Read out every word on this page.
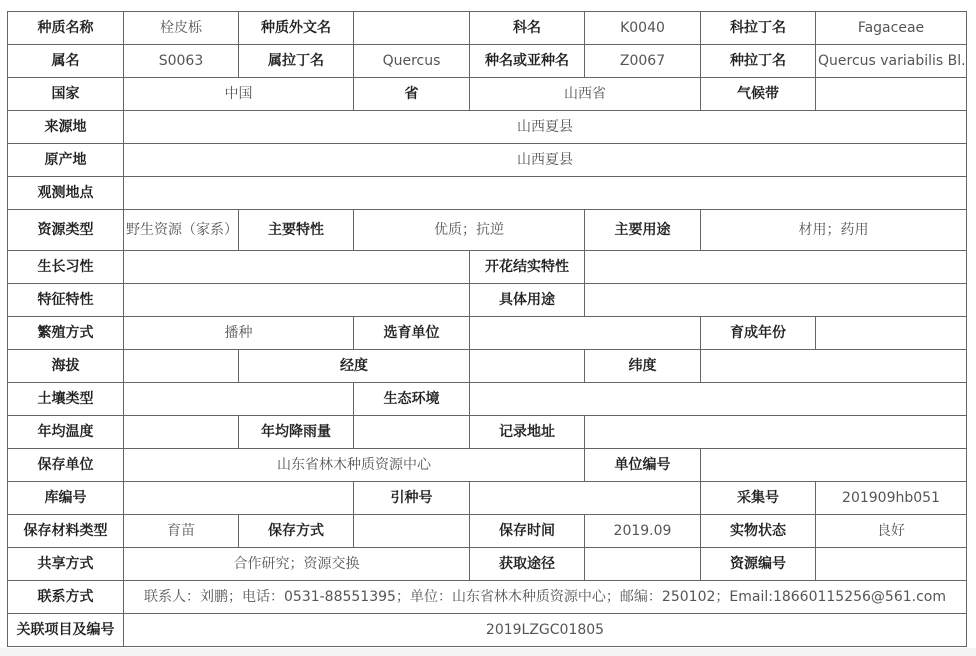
种质名称	栓皮栎	种质外文名		科名	K0040	科拉丁名	Fagaceae
属名	S0063	属拉丁名	Quercus	种名或亚种名	Z0067	种拉丁名	Quercus variabilis Bl.
国家	中国		省	山西省		气候带	
来源地	山西夏县						
原产地	山西夏县						
观测地点							
资源类型	野生资源（家系）	主要特性	优质；抗逆		主要用途	材用；药用	
生长习性				开花结实特性			
特征特性				具体用途			
繁殖方式	播种		选育单位			育成年份	
海拔		经度			纬度		
土壤类型			生态环境				
年均温度		年均降雨量		记录地址			
保存单位	山东省林木种质资源中心				单位编号		
库编号			引种号			采集号	201909hb051
保存材料类型	育苗	保存方式		保存时间	2019.09	实物状态	良好
共享方式	合作研究；资源交换			获取途径		资源编号	
联系方式	联系人：刘鹏；电话：0531-88551395；单位：山东省林木种质资源中心；邮编：250102；Email:18660115256@561.com						
关联项目及编号	2019LZGC01805						
